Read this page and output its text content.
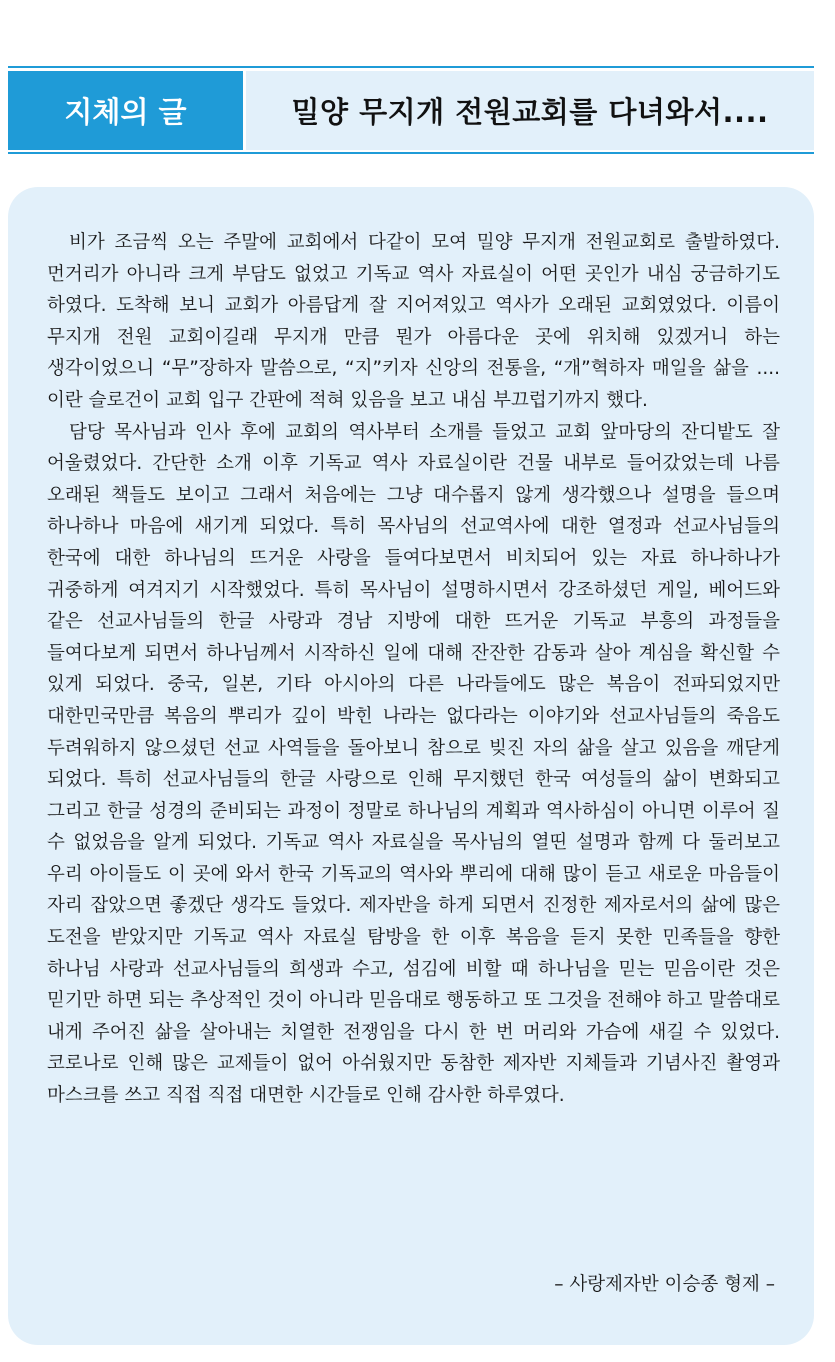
지체의 글	밀양 무지개 전원교회를 다녀와서....

비가 조금씩 오는 주말에 교회에서 다같이 모여 밀양 무지개 전원교회로 출발하였다. 먼거리가 아니라 크게 부담도 없었고 기독교 역사 자료실이 어떤 곳인가 내심 궁금하기도 하였다. 도착해 보니 교회가 아름답게 잘 지어져있고 역사가 오래된 교회였었다. 이름이 무지개 전원 교회이길래 무지개 만큼 뭔가 아름다운 곳에 위치해 있겠거니 하는 생각이었으니 “무”장하자 말씀으로, “지”키자 신앙의 전통을, “개”혁하자 매일을 삶을 ....이란 슬로건이 교회 입구 간판에 적혀 있음을 보고 내심 부끄럽기까지 했다.

담당 목사님과 인사 후에 교회의 역사부터 소개를 들었고 교회 앞마당의 잔디밭도 잘 어울렸었다. 간단한 소개 이후 기독교 역사 자료실이란 건물 내부로 들어갔었는데 나름 오래된 책들도 보이고 그래서 처음에는 그냥 대수롭지 않게 생각했으나 설명을 들으며 하나하나 마음에 새기게 되었다. 특히 목사님의 선교역사에 대한 열정과 선교사님들의 한국에 대한 하나님의 뜨거운 사랑을 들여다보면서 비치되어 있는 자료 하나하나가 귀중하게 여겨지기 시작했었다. 특히 목사님이 설명하시면서 강조하셨던 게일, 베어드와 같은 선교사님들의 한글 사랑과 경남 지방에 대한 뜨거운 기독교 부흥의 과정들을 들여다보게 되면서 하나님께서 시작하신 일에 대해 잔잔한 감동과 살아 계심을 확신할 수 있게 되었다. 중국, 일본, 기타 아시아의 다른 나라들에도 많은 복음이 전파되었지만 대한민국만큼 복음의 뿌리가 깊이 박힌 나라는 없다라는 이야기와 선교사님들의 죽음도 두려워하지 않으셨던 선교 사역들을 돌아보니 참으로 빚진 자의 삶을 살고 있음을 깨닫게 되었다. 특히 선교사님들의 한글 사랑으로 인해 무지했던 한국 여성들의 삶이 변화되고 그리고 한글 성경의 준비되는 과정이 정말로 하나님의 계획과 역사하심이 아니면 이루어 질 수 없었음을 알게 되었다. 기독교 역사 자료실을 목사님의 열띤 설명과 함께 다 둘러보고 우리 아이들도 이 곳에 와서 한국 기독교의 역사와 뿌리에 대해 많이 듣고 새로운 마음들이 자리 잡았으면 좋겠단 생각도 들었다. 제자반을 하게 되면서 진정한 제자로서의 삶에 많은 도전을 받았지만 기독교 역사 자료실 탐방을 한 이후 복음을 듣지 못한 민족들을 향한 하나님 사랑과 선교사님들의 희생과 수고, 섬김에 비할 때 하나님을 믿는 믿음이란 것은 믿기만 하면 되는 추상적인 것이 아니라 믿음대로 행동하고 또 그것을 전해야 하고 말씀대로 내게 주어진 삶을 살아내는 치열한 전쟁임을 다시 한 번 머리와 가슴에 새길 수 있었다. 코로나로 인해 많은 교제들이 없어 아쉬웠지만 동참한 제자반 지체들과 기념사진 촬영과 마스크를 쓰고 직접 직접 대면한 시간들로 인해 감사한 하루였다.

– 사랑제자반 이승종 형제 –
